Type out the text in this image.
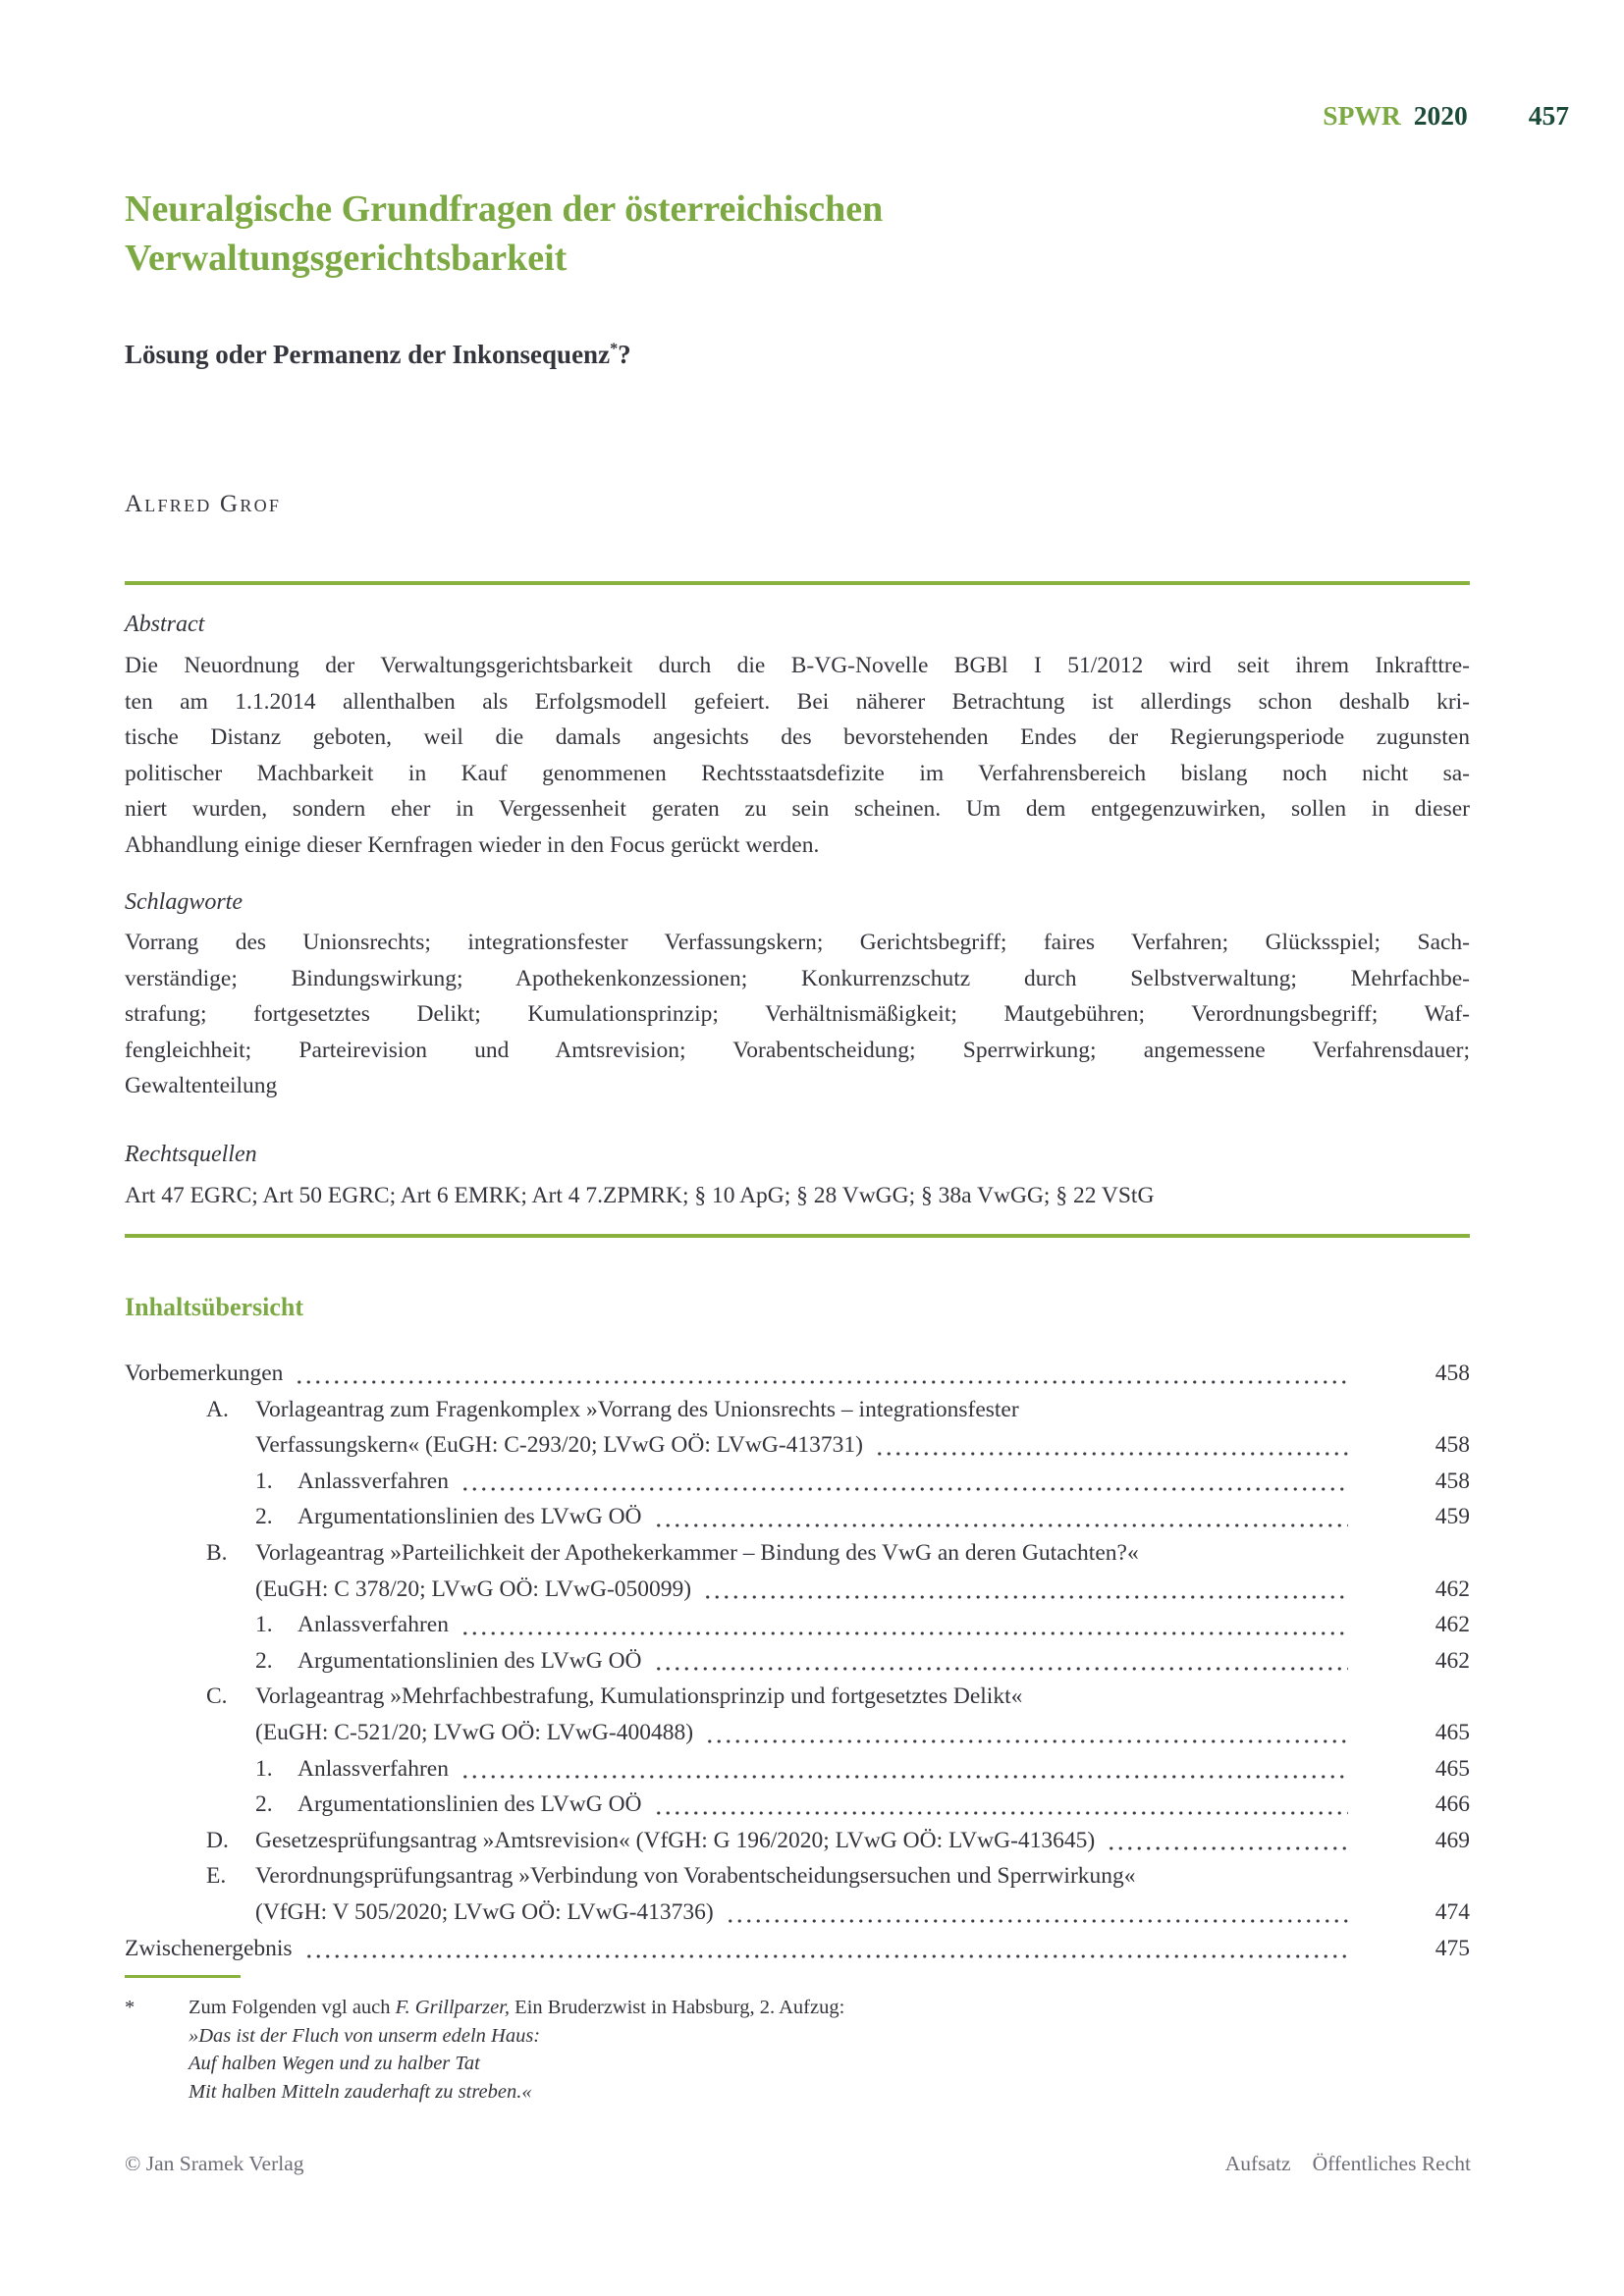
SPWR 2020 457
Neuralgische Grundfragen der österreichischen
Verwaltungsgerichtsbarkeit
Lösung oder Permanenz der Inkonsequenz*?
Alfred Grof
Abstract
Die Neuordnung der Verwaltungsgerichtsbarkeit durch die B-VG-Novelle BGBl I 51/2012 wird seit ihrem Inkrafttre-
ten am 1.1.2014 allenthalben als Erfolgsmodell gefeiert. Bei näherer Betrachtung ist allerdings schon deshalb kri-
tische Distanz geboten, weil die damals angesichts des bevorstehenden Endes der Regierungsperiode zugunsten
politischer Machbarkeit in Kauf genommenen Rechtsstaatsdefizite im Verfahrensbereich bislang noch nicht sa-
niert wurden, sondern eher in Vergessenheit geraten zu sein scheinen. Um dem entgegenzuwirken, sollen in dieser
Abhandlung einige dieser Kernfragen wieder in den Focus gerückt werden.
Schlagworte
Vorrang des Unionsrechts; integrationsfester Verfassungskern; Gerichtsbegriff; faires Verfahren; Glücksspiel; Sach-
verständige; Bindungswirkung; Apothekenkonzessionen; Konkurrenzschutz durch Selbstverwaltung; Mehrfachbe-
strafung; fortgesetztes Delikt; Kumulationsprinzip; Verhältnismäßigkeit; Mautgebühren; Verordnungsbegriff; Waf-
fengleichheit; Parteirevision und Amtsrevision; Vorabentscheidung; Sperrwirkung; angemessene Verfahrensdauer;
Gewaltenteilung
Rechtsquellen
Art 47 EGRC; Art 50 EGRC; Art 6 EMRK; Art 4 7.ZPMRK; § 10 ApG; § 28 VwGG; § 38a VwGG; § 22 VStG
Inhaltsübersicht
Vorbemerkungen	458
A.	Vorlageantrag zum Fragenkomplex »Vorrang des Unionsrechts – integrationsfester
Verfassungskern« (EuGH: C-293/20; LVwG OÖ: LVwG-413731)	458
1.	Anlassverfahren	458
2.	Argumentationslinien des LVwG OÖ	459
B.	Vorlageantrag »Parteilichkeit der Apothekerkammer – Bindung des VwG an deren Gutachten?«
(EuGH: C 378/20; LVwG OÖ: LVwG-050099)	462
1.	Anlassverfahren	462
2.	Argumentationslinien des LVwG OÖ	462
C.	Vorlageantrag »Mehrfachbestrafung, Kumulationsprinzip und fortgesetztes Delikt«
(EuGH: C-521/20; LVwG OÖ: LVwG-400488)	465
1.	Anlassverfahren	465
2.	Argumentationslinien des LVwG OÖ	466
D.	Gesetzesprüfungsantrag »Amtsrevision« (VfGH: G 196/2020; LVwG OÖ: LVwG-413645)	469
E.	Verordnungsprüfungsantrag »Verbindung von Vorabentscheidungsersuchen und Sperrwirkung«
(VfGH: V 505/2020; LVwG OÖ: LVwG-413736)	474
Zwischenergebnis	475
*	Zum Folgenden vgl auch F. Grillparzer, Ein Bruderzwist in Habsburg, 2. Aufzug:
»Das ist der Fluch von unserm edeln Haus:
Auf halben Wegen und zu halber Tat
Mit halben Mitteln zauderhaft zu streben.«
© Jan Sramek Verlag	Aufsatz Öffentliches Recht
